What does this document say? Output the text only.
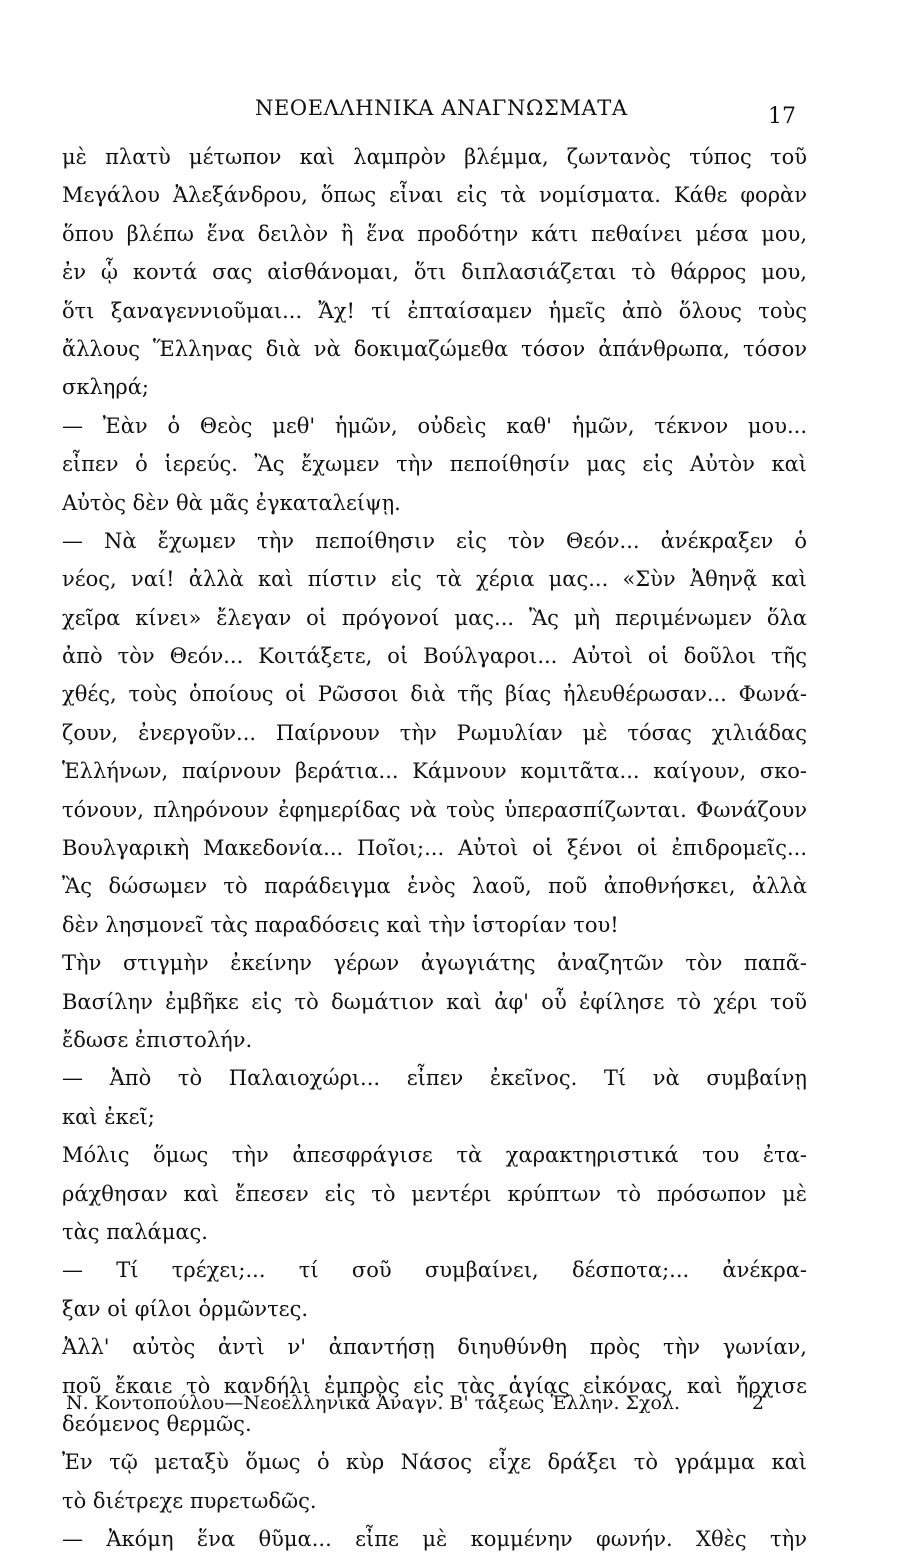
ΝΕΟΕΛΛΗΝΙΚΑ ΑΝΑΓΝΩΣΜΑΤΑ	17
μὲ πλατὺ μέτωπον καὶ λαμπρὸν βλέμμα, ζωντανὸς τύπος τοῦ
Μεγάλου Ἀλεξάνδρου, ὅπως εἶναι εἰς τὰ νομίσματα. Κάθε φορὰν
ὅπου βλέπω ἕνα δειλὸν ἢ ἕνα προδότην κάτι πεθαίνει μέσα μου,
ἐν ᾧ κοντά σας αἰσθάνομαι, ὅτι διπλασιάζεται τὸ θάρρος μου,
ὅτι ξαναγεννιοῦμαι... Ἄχ! τί ἐπταίσαμεν ἡμεῖς ἀπὸ ὅλους τοὺς
ἄλλους Ἕλληνας διὰ νὰ δοκιμαζώμεθα τόσον ἀπάνθρωπα, τόσον
σκληρά;
— Ἐὰν ὁ Θεὸς μεθ' ἡμῶν, οὐδεὶς καθ' ἡμῶν, τέκνον μου...
εἶπεν ὁ ἱερεύς. Ἂς ἔχωμεν τὴν πεποίθησίν μας εἰς Αὐτὸν καὶ
Αὐτὸς δὲν θὰ μᾶς ἐγκαταλείψῃ.
— Νὰ ἔχωμεν τὴν πεποίθησιν εἰς τὸν Θεόν... ἀνέκραξεν ὁ
νέος, ναί! ἀλλὰ καὶ πίστιν εἰς τὰ χέρια μας... «Σὺν Ἀθηνᾷ καὶ
χεῖρα κίνει» ἔλεγαν οἱ πρόγονοί μας... Ἂς μὴ περιμένωμεν ὅλα
ἀπὸ τὸν Θεόν... Κοιτάξετε, οἱ Βούλγαροι... Αὐτοὶ οἱ δοῦλοι τῆς
χθές, τοὺς ὁποίους οἱ Ρῶσσοι διὰ τῆς βίας ἠλευθέρωσαν... Φωνά-
ζουν, ἐνεργοῦν... Παίρνουν τὴν Ρωμυλίαν μὲ τόσας χιλιάδας
Ἑλλήνων, παίρνουν βεράτια... Κάμνουν κομιτᾶτα... καίγουν, σκο-
τόνουν, πληρόνουν ἐφημερίδας νὰ τοὺς ὑπερασπίζωνται. Φωνάζουν
Βουλγαρικὴ Μακεδονία... Ποῖοι;... Αὐτοὶ οἱ ξένοι οἱ ἐπιδρομεῖς...
Ἂς δώσωμεν τὸ παράδειγμα ἑνὸς λαοῦ, ποῦ ἀποθνήσκει, ἀλλὰ
δὲν λησμονεῖ τὰς παραδόσεις καὶ τὴν ἱστορίαν του!
Τὴν στιγμὴν ἐκείνην γέρων ἀγωγιάτης ἀναζητῶν τὸν παπᾶ-
Βασίλην ἐμβῆκε εἰς τὸ δωμάτιον καὶ ἀφ' οὗ ἐφίλησε τὸ χέρι τοῦ
ἔδωσε ἐπιστολήν.
— Ἀπὸ τὸ Παλαιοχώρι... εἶπεν ἐκεῖνος. Τί νὰ συμβαίνῃ
καὶ ἐκεῖ;
Μόλις ὅμως τὴν ἀπεσφράγισε τὰ χαρακτηριστικά του ἐτα-
ράχθησαν καὶ ἔπεσεν εἰς τὸ μεντέρι κρύπτων τὸ πρόσωπον μὲ
τὰς παλάμας.
— Τί τρέχει;... τί σοῦ συμβαίνει, δέσποτα;... ἀνέκρα-
ξαν οἱ φίλοι ὁρμῶντες.
Ἀλλ' αὐτὸς ἀντὶ ν' ἀπαντήσῃ διηυθύνθη πρὸς τὴν γωνίαν,
ποῦ ἔκαιε τὸ κανδήλι ἐμπρὸς εἰς τὰς ἁγίας εἰκόνας, καὶ ἤρχισε
δεόμενος θερμῶς.
Ἐν τῷ μεταξὺ ὅμως ὁ κὺρ Νάσος εἶχε δράξει τὸ γράμμα καὶ
τὸ διέτρεχε πυρετωδῶς.
— Ἀκόμη ἕνα θῦμα... εἶπε μὲ κομμένην φωνήν. Χθὲς τὴν
Ν. Κοντοπούλου—Νεοελληνικὰ Ἀναγν. Β' τάξεως Ἑλλην. Σχολ.	2
